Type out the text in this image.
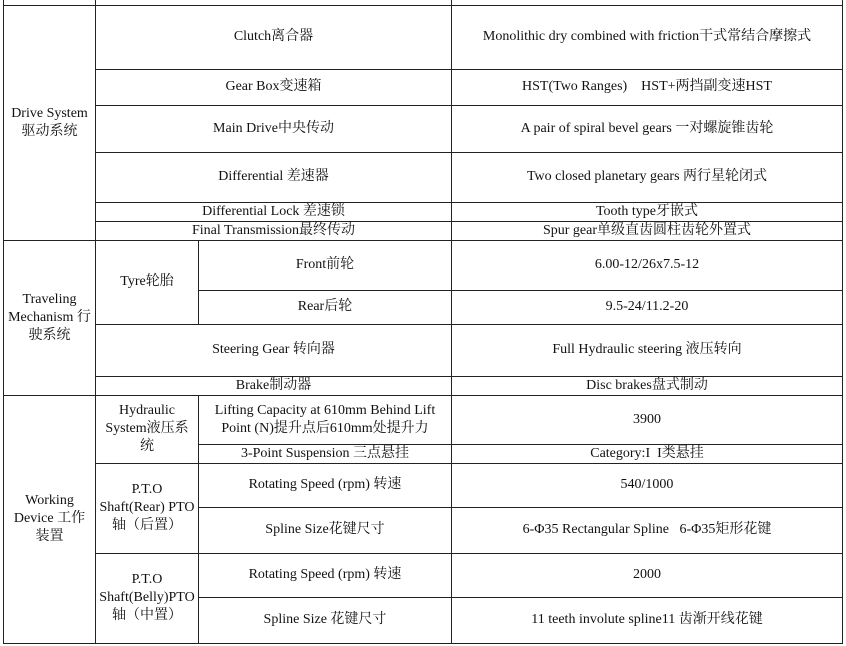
Drive System驱动系统	Clutch离合器		Monolithic dry combined with friction干式常结合摩擦式
	Gear Box变速箱		HST(Two Ranges)    HST+两挡副变速HST
	Main Drive中央传动		A pair of spiral bevel gears 一对螺旋锥齿轮
	Differential 差速器		Two closed planetary gears 两行星轮闭式
	Differential Lock 差速锁		Tooth type牙嵌式
	Final Transmission最终传动		Spur gear单级直齿圆柱齿轮外置式
Traveling Mechanism 行驶系统	Tyre轮胎	Front前轮	6.00-12/26x7.5-12
		Rear后轮	9.5-24/11.2-20
	Steering Gear 转向器		Full Hydraulic steering 液压转向
	Brake制动器		Disc brakes盘式制动
Working Device 工作装置	Hydraulic System液压系统	Lifting Capacity at 610mm Behind Lift Point (N)提升点后610mm处提升力	3900
		3-Point Suspension 三点悬挂	Category:I  I类悬挂
	P.T.O Shaft(Rear) PTO轴（后置）	Rotating Speed (rpm) 转速	540/1000
		Spline Size花键尺寸	6-Φ35 Rectangular Spline   6-Φ35矩形花键
	P.T.O Shaft(Belly)PTO轴（中置）	Rotating Speed (rpm) 转速	2000
		Spline Size 花键尺寸	11 teeth involute spline11 齿渐开线花键
